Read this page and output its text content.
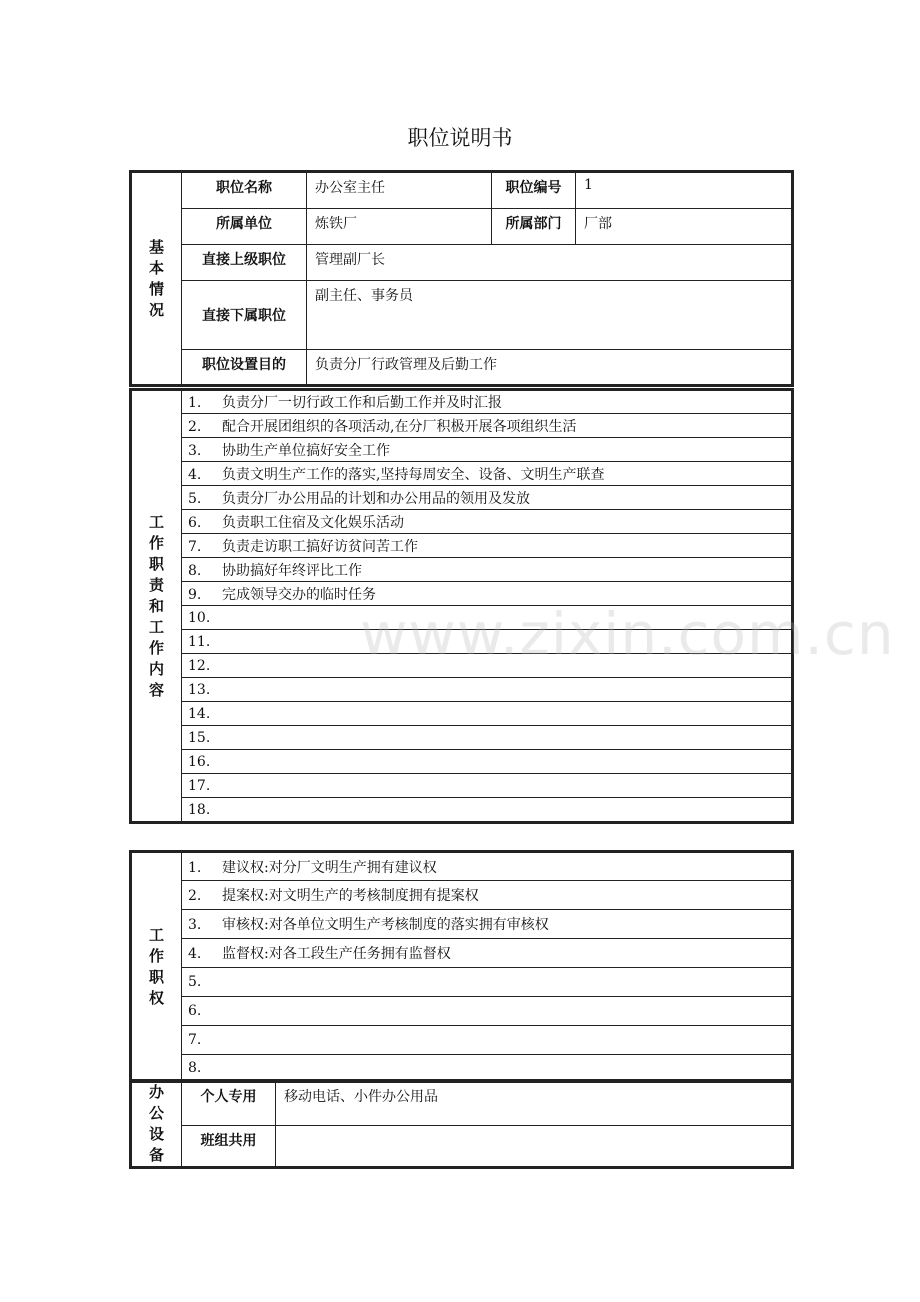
职位说明书
基本情况	职位名称	办公室主任	职位编号	1
	所属单位	炼铁厂	所属部门	厂部
	直接上级职位	管理副厂长		
	直接下属职位	副主任、事务员		
	职位设置目的	负责分厂行政管理及后勤工作		
工作职责和工作内容	1. 负责分厂一切行政工作和后勤工作并及时汇报
2. 配合开展团组织的各项活动,在分厂积极开展各项组织生活
3. 协助生产单位搞好安全工作
4. 负责文明生产工作的落实,坚持每周安全、设备、文明生产联查
5. 负责分厂办公用品的计划和办公用品的领用及发放
6. 负责职工住宿及文化娱乐活动
7. 负责走访职工搞好访贫问苦工作
8. 协助搞好年终评比工作
9. 完成领导交办的临时任务
10.
11.
12.
13.
14.
15.
16.
17.
18.
工作职权	1. 建议权:对分厂文明生产拥有建议权
2. 提案权:对文明生产的考核制度拥有提案权
3. 审核权:对各单位文明生产考核制度的落实拥有审核权
4. 监督权:对各工段生产任务拥有监督权
5.
6.
7.
8.
办公设备	个人专用	移动电话、小件办公用品
	班组共用	
www.zixin.com.cn
